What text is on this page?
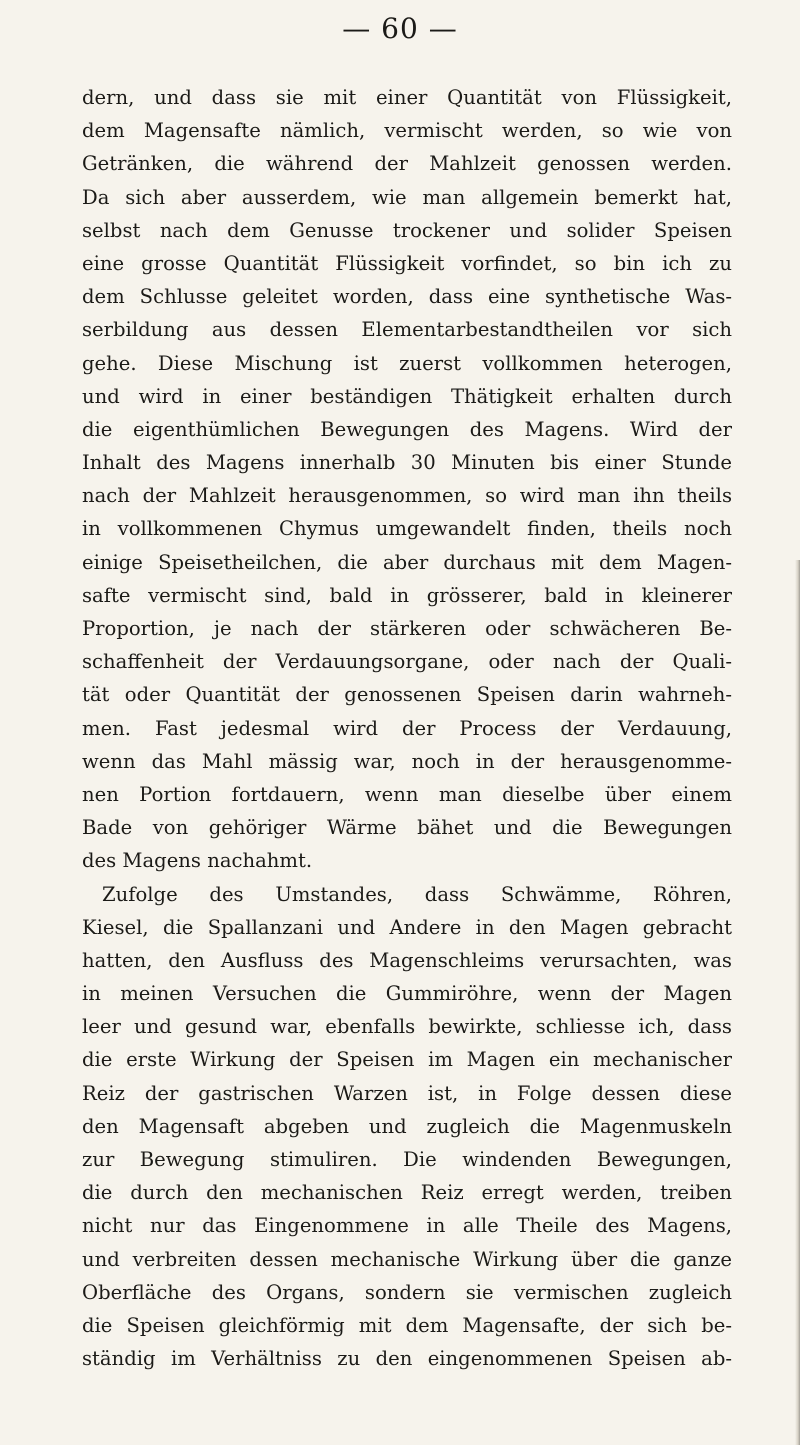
— 60 —
dern, und dass sie mit einer Quantität von Flüssigkeit,
dem Magensafte nämlich, vermischt werden, so wie von
Getränken, die während der Mahlzeit genossen werden.
Da sich aber ausserdem, wie man allgemein bemerkt hat,
selbst nach dem Genusse trockener und solider Speisen
eine grosse Quantität Flüssigkeit vorfindet, so bin ich zu
dem Schlusse geleitet worden, dass eine synthetische Was-
serbildung aus dessen Elementarbestandtheilen vor sich
gehe. Diese Mischung ist zuerst vollkommen heterogen,
und wird in einer beständigen Thätigkeit erhalten durch
die eigenthümlichen Bewegungen des Magens. Wird der
Inhalt des Magens innerhalb 30 Minuten bis einer Stunde
nach der Mahlzeit herausgenommen, so wird man ihn theils
in vollkommenen Chymus umgewandelt finden, theils noch
einige Speisetheilchen, die aber durchaus mit dem Magen-
safte vermischt sind, bald in grösserer, bald in kleinerer
Proportion, je nach der stärkeren oder schwächeren Be-
schaffenheit der Verdauungsorgane, oder nach der Quali-
tät oder Quantität der genossenen Speisen darin wahrneh-
men. Fast jedesmal wird der Process der Verdauung,
wenn das Mahl mässig war, noch in der herausgenomme-
nen Portion fortdauern, wenn man dieselbe über einem
Bade von gehöriger Wärme bähet und die Bewegungen
des Magens nachahmt.
Zufolge des Umstandes, dass Schwämme, Röhren,
Kiesel, die Spallanzani und Andere in den Magen gebracht
hatten, den Ausfluss des Magenschleims verursachten, was
in meinen Versuchen die Gummiröhre, wenn der Magen
leer und gesund war, ebenfalls bewirkte, schliesse ich, dass
die erste Wirkung der Speisen im Magen ein mechanischer
Reiz der gastrischen Warzen ist, in Folge dessen diese
den Magensaft abgeben und zugleich die Magenmuskeln
zur Bewegung stimuliren. Die windenden Bewegungen,
die durch den mechanischen Reiz erregt werden, treiben
nicht nur das Eingenommene in alle Theile des Magens,
und verbreiten dessen mechanische Wirkung über die ganze
Oberfläche des Organs, sondern sie vermischen zugleich
die Speisen gleichförmig mit dem Magensafte, der sich be-
ständig im Verhältniss zu den eingenommenen Speisen ab-
